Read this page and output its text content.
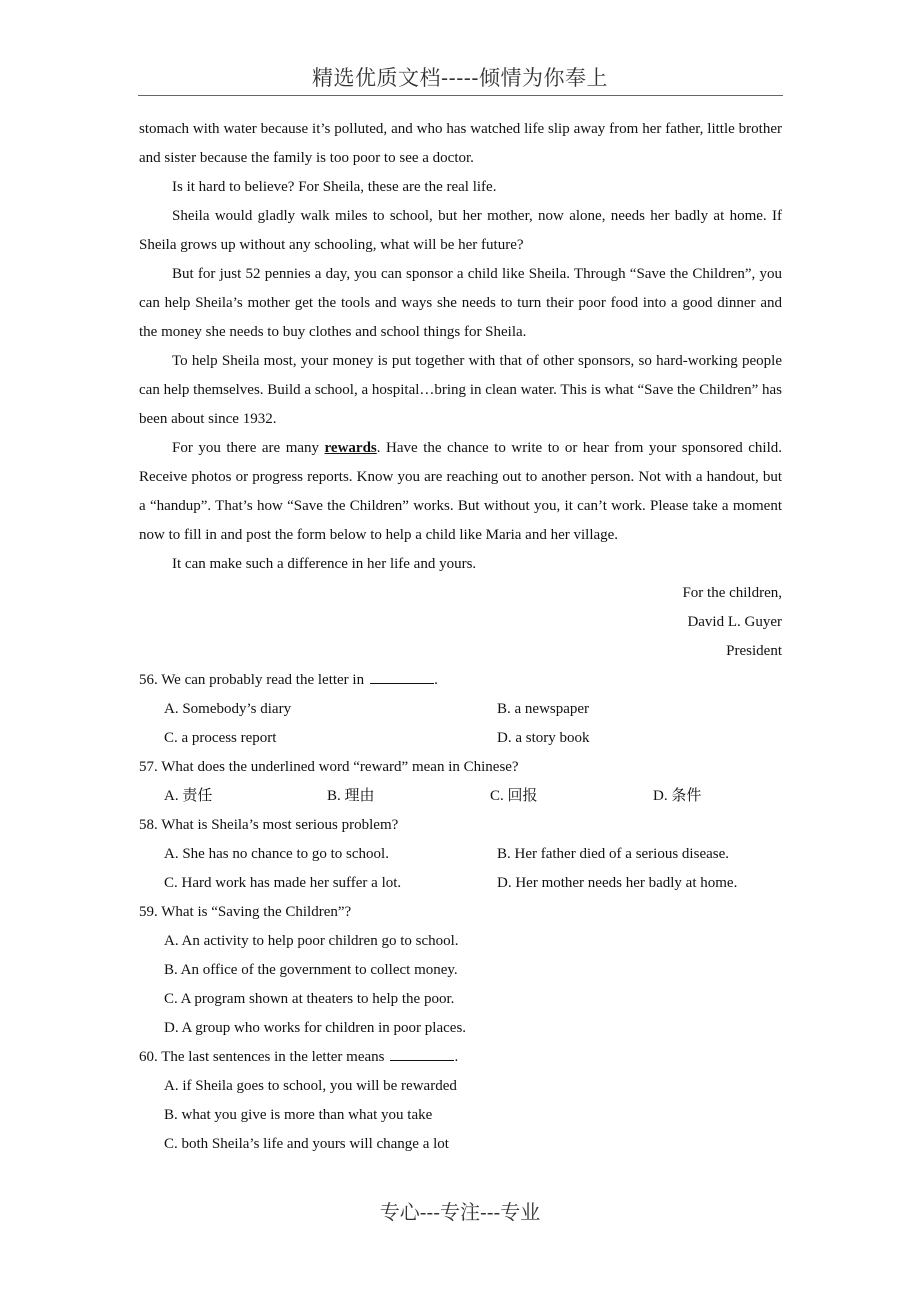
精选优质文档-----倾情为你奉上

stomach with water because it’s polluted, and who has watched life slip away from her father, little brother and sister because the family is too poor to see a doctor.

Is it hard to believe? For Sheila, these are the real life.

Sheila would gladly walk miles to school, but her mother, now alone, needs her badly at home. If Sheila grows up without any schooling, what will be her future?

But for just 52 pennies a day, you can sponsor a child like Sheila. Through “Save the Children”, you can help Sheila’s mother get the tools and ways she needs to turn their poor food into a good dinner and the money she needs to buy clothes and school things for Sheila.

To help Sheila most, your money is put together with that of other sponsors, so hard-working people can help themselves. Build a school, a hospital…bring in clean water. This is what “Save the Children” has been about since 1932.

For you there are many rewards. Have the chance to write to or hear from your sponsored child. Receive photos or progress reports. Know you are reaching out to another person. Not with a handout, but a “handup”. That’s how “Save the Children” works. But without you, it can’t work. Please take a moment now to fill in and post the form below to help a child like Maria and her village.

It can make such a difference in her life and yours.

For the children,
David L. Guyer
President
56. We can probably read the letter in	.
A. Somebody’s diary	B. a newspaper
C. a process report	D. a story book
57. What does the underlined word “reward” mean in Chinese?
A. 责任	B. 理由	C. 回报	D. 条件
58. What is Sheila’s most serious problem?
A. She has no chance to go to school.	B. Her father died of a serious disease.
C. Hard work has made her suffer a lot.	D. Her mother needs her badly at home.
59. What is “Saving the Children”?
A. An activity to help poor children go to school.
B. An office of the government to collect money.
C. A program shown at theaters to help the poor.
D. A group who works for children in poor places.
60. The last sentences in the letter means	.
A. if Sheila goes to school, you will be rewarded
B. what you give is more than what you take
C. both Sheila’s life and yours will change a lot
专心---专注---专业
